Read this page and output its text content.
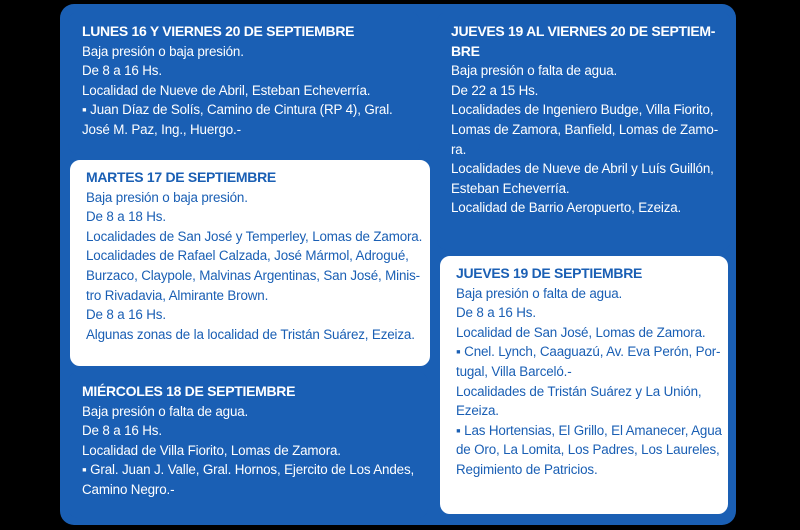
LUNES 16 Y VIERNES 20 DE SEPTIEMBRE
Baja presión o baja presión.
De 8 a 16 Hs.
Localidad de Nueve de Abril, Esteban Echeverría.
▪ Juan Díaz de Solís, Camino de Cintura (RP 4), Gral.
José M. Paz, Ing., Huergo.-
MARTES 17 DE SEPTIEMBRE
Baja presión o baja presión.
De 8 a 18 Hs.
Localidades de San José y Temperley, Lomas de Zamora.
Localidades de Rafael Calzada, José Mármol, Adrogué,
Burzaco, Claypole, Malvinas Argentinas, San José, Minis-
tro Rivadavia, Almirante Brown.
De 8 a 16 Hs.
Algunas zonas de la localidad de Tristán Suárez, Ezeiza.
MIÉRCOLES 18 DE SEPTIEMBRE
Baja presión o falta de agua.
De 8 a 16 Hs.
Localidad de Villa Fiorito, Lomas de Zamora.
▪ Gral. Juan J. Valle, Gral. Hornos, Ejercito de Los Andes,
Camino Negro.-
JUEVES 19 AL VIERNES 20 DE SEPTIEM-
BRE
Baja presión o falta de agua.
De 22 a 15 Hs.
Localidades de Ingeniero Budge, Villa Fiorito,
Lomas de Zamora, Banfield, Lomas de Zamo-
ra.
Localidades de Nueve de Abril y Luís Guillón,
Esteban Echeverría.
Localidad de Barrio Aeropuerto, Ezeiza.
JUEVES 19 DE SEPTIEMBRE
Baja presión o falta de agua.
De 8 a 16 Hs.
Localidad de San José, Lomas de Zamora.
▪ Cnel. Lynch, Caaguazú, Av. Eva Perón, Por-
tugal, Villa Barceló.-
Localidades de Tristán Suárez y La Unión,
Ezeiza.
▪ Las Hortensias, El Grillo, El Amanecer, Agua
de Oro, La Lomita, Los Padres, Los Laureles,
Regimiento de Patricios.
